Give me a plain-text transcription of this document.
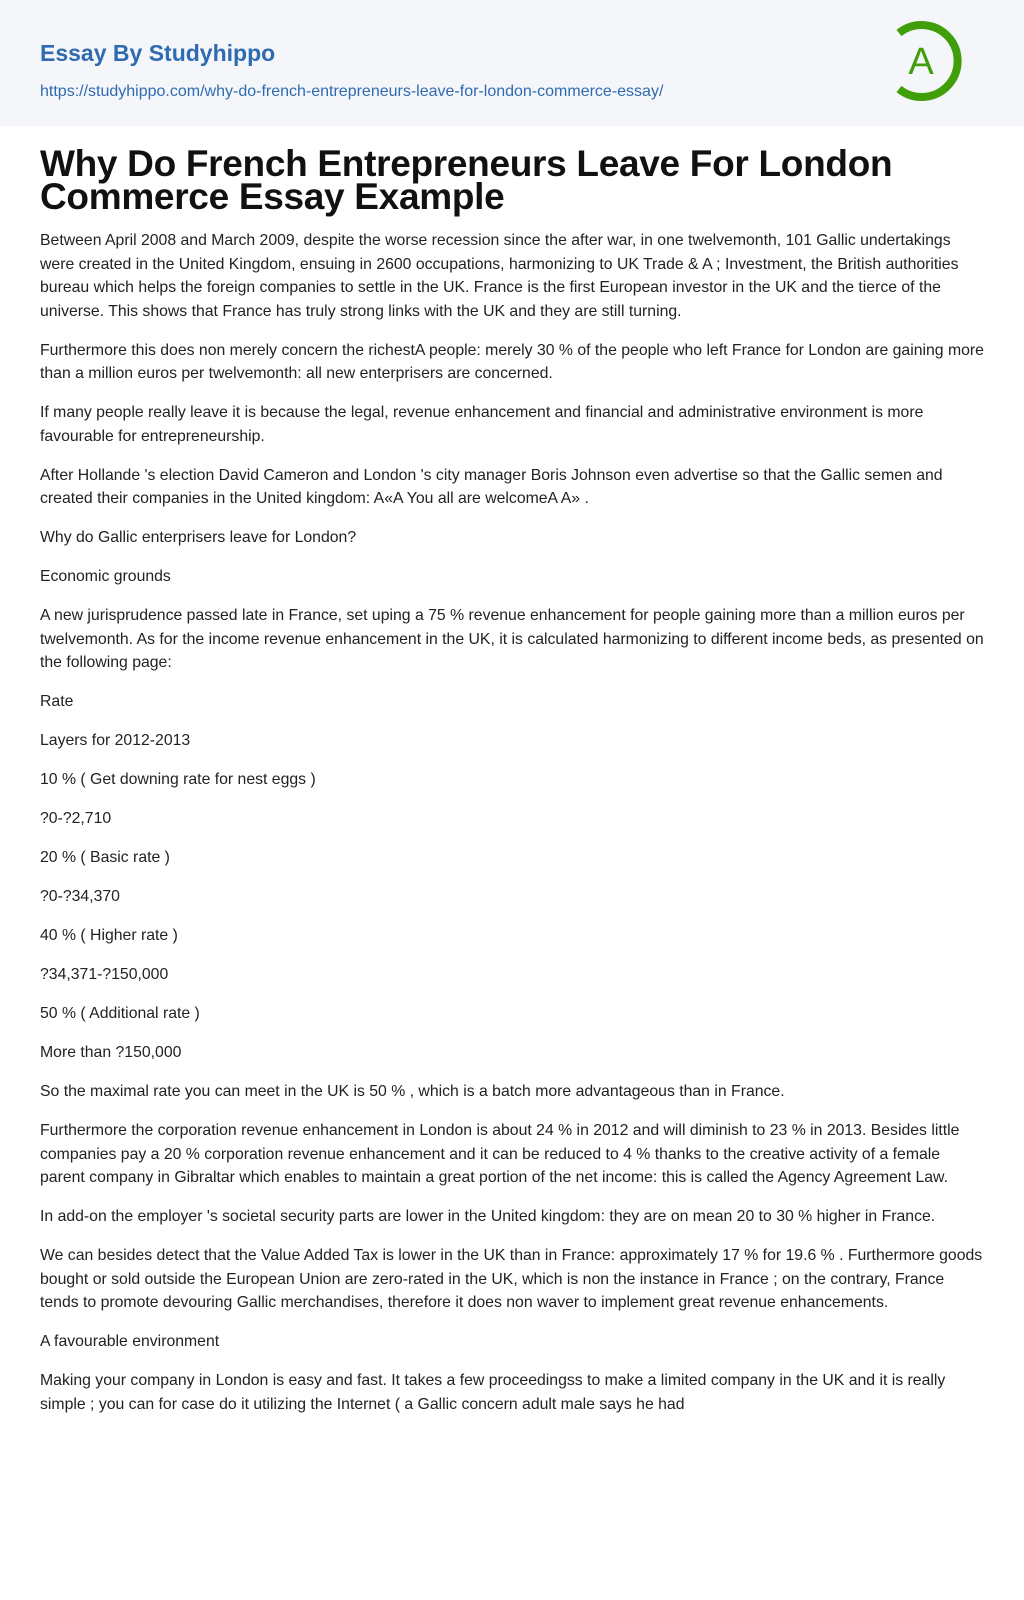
Essay By Studyhippo
https://studyhippo.com/why-do-french-entrepreneurs-leave-for-london-commerce-essay/
A
Why Do French Entrepreneurs Leave For London Commerce Essay Example

Between April 2008 and March 2009, despite the worse recession since the after war, in one twelvemonth, 101 Gallic undertakings were created in the United Kingdom, ensuing in 2600 occupations, harmonizing to UK Trade & A ; Investment, the British authorities bureau which helps the foreign companies to settle in the UK. France is the first European investor in the UK and the tierce of the universe. This shows that France has truly strong links with the UK and they are still turning.

Furthermore this does non merely concern the richestA people: merely 30 % of the people who left France for London are gaining more than a million euros per twelvemonth: all new enterprisers are concerned.

If many people really leave it is because the legal, revenue enhancement and financial and administrative environment is more favourable for entrepreneurship.

After Hollande 's election David Cameron and London 's city manager Boris Johnson even advertise so that the Gallic semen and created their companies in the United kingdom: A«A You all are welcomeA A» .

Why do Gallic enterprisers leave for London?

Economic grounds

A new jurisprudence passed late in France, set uping a 75 % revenue enhancement for people gaining more than a million euros per twelvemonth. As for the income revenue enhancement in the UK, it is calculated harmonizing to different income beds, as presented on the following page:

Rate

Layers for 2012-2013

10 % ( Get downing rate for nest eggs )

?0-?2,710

20 % ( Basic rate )

?0-?34,370

40 % ( Higher rate )

?34,371-?150,000

50 % ( Additional rate )

More than ?150,000

So the maximal rate you can meet in the UK is 50 % , which is a batch more advantageous than in France.

Furthermore the corporation revenue enhancement in London is about 24 % in 2012 and will diminish to 23 % in 2013. Besides little companies pay a 20 % corporation revenue enhancement and it can be reduced to 4 % thanks to the creative activity of a female parent company in Gibraltar which enables to maintain a great portion of the net income: this is called the Agency Agreement Law.

In add-on the employer 's societal security parts are lower in the United kingdom: they are on mean 20 to 30 % higher in France.

We can besides detect that the Value Added Tax is lower in the UK than in France: approximately 17 % for 19.6 % . Furthermore goods bought or sold outside the European Union are zero-rated in the UK, which is non the instance in France ; on the contrary, France tends to promote devouring Gallic merchandises, therefore it does non waver to implement great revenue enhancements.

A favourable environment

Making your company in London is easy and fast. It takes a few proceedingss to make a limited company in the UK and it is really simple ; you can for case do it utilizing the Internet ( a Gallic concern adult male says he had
